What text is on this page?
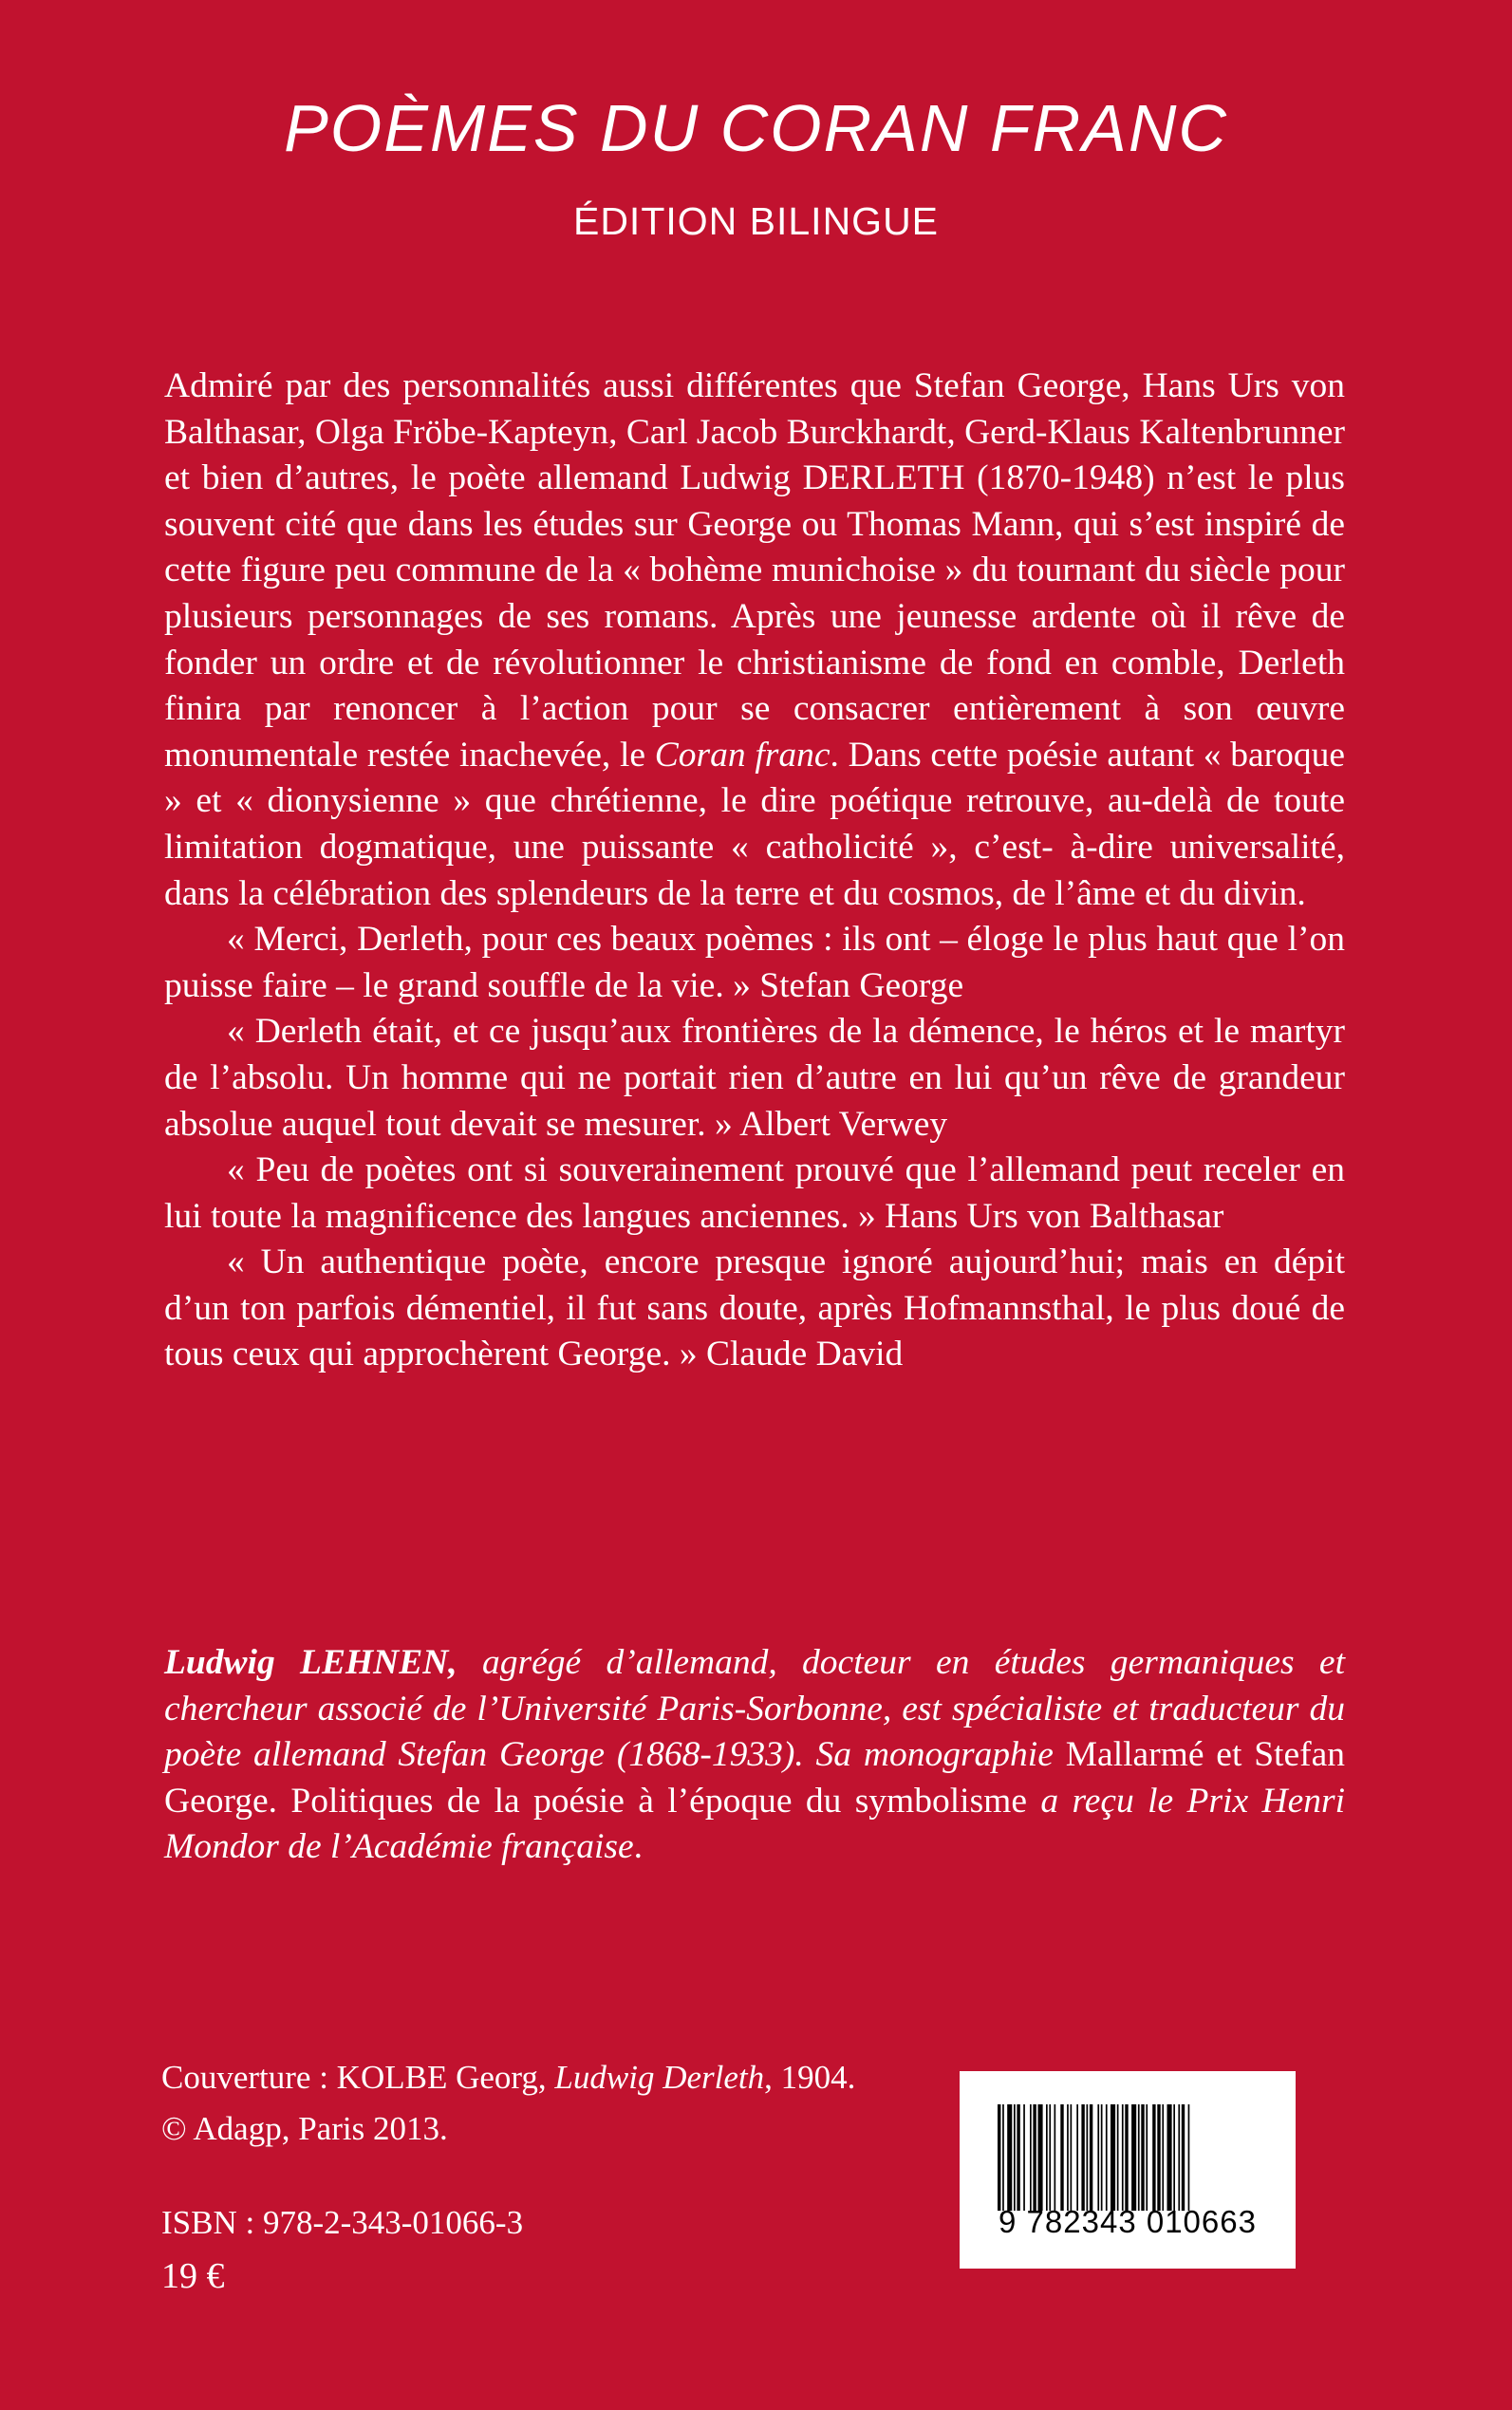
POÈMES DU CORAN FRANC
ÉDITION BILINGUE

Admiré par des personnalités aussi différentes que Stefan George, Hans Urs von Balthasar, Olga Fröbe-Kapteyn, Carl Jacob Burckhardt, Gerd-Klaus Kaltenbrunner et bien d’autres, le poète allemand Ludwig DERLETH (1870-1948) n’est le plus souvent cité que dans les études sur George ou Thomas Mann, qui s’est inspiré de cette figure peu commune de la « bohème munichoise » du tournant du siècle pour plusieurs personnages de ses romans. Après une jeunesse ardente où il rêve de fonder un ordre et de révolutionner le christianisme de fond en comble, Derleth finira par renoncer à l’action pour se consacrer entièrement à son œuvre monumentale restée inachevée, le Coran franc. Dans cette poésie autant « baroque » et « dionysienne » que chrétienne, le dire poétique retrouve, au-delà de toute limitation dogmatique, une puissante « catholicité », c’est- à-dire universalité, dans la célébration des splendeurs de la terre et du cosmos, de l’âme et du divin.

« Merci, Derleth, pour ces beaux poèmes : ils ont – éloge le plus haut que l’on puisse faire – le grand souffle de la vie. » Stefan George

« Derleth était, et ce jusqu’aux frontières de la démence, le héros et le martyr de l’absolu. Un homme qui ne portait rien d’autre en lui qu’un rêve de grandeur absolue auquel tout devait se mesurer. » Albert Verwey

« Peu de poètes ont si souverainement prouvé que l’allemand peut receler en lui toute la magnificence des langues anciennes. » Hans Urs von Balthasar

« Un authentique poète, encore presque ignoré aujourd’hui; mais en dépit d’un ton parfois démentiel, il fut sans doute, après Hofmannsthal, le plus doué de tous ceux qui approchèrent George. » Claude David

Ludwig LEHNEN, agrégé d’allemand, docteur en études germaniques et chercheur associé de l’Université Paris-Sorbonne, est spécialiste et traducteur du poète allemand Stefan George (1868-1933). Sa monographie Mallarmé et Stefan George. Politiques de la poésie à l’époque du symbolisme a reçu le Prix Henri Mondor de l’Académie française.

Couverture : KOLBE Georg, Ludwig Derleth, 1904.
© Adagp, Paris 2013.
ISBN : 978-2-343-01066-3
19 €
9 782343 010663
